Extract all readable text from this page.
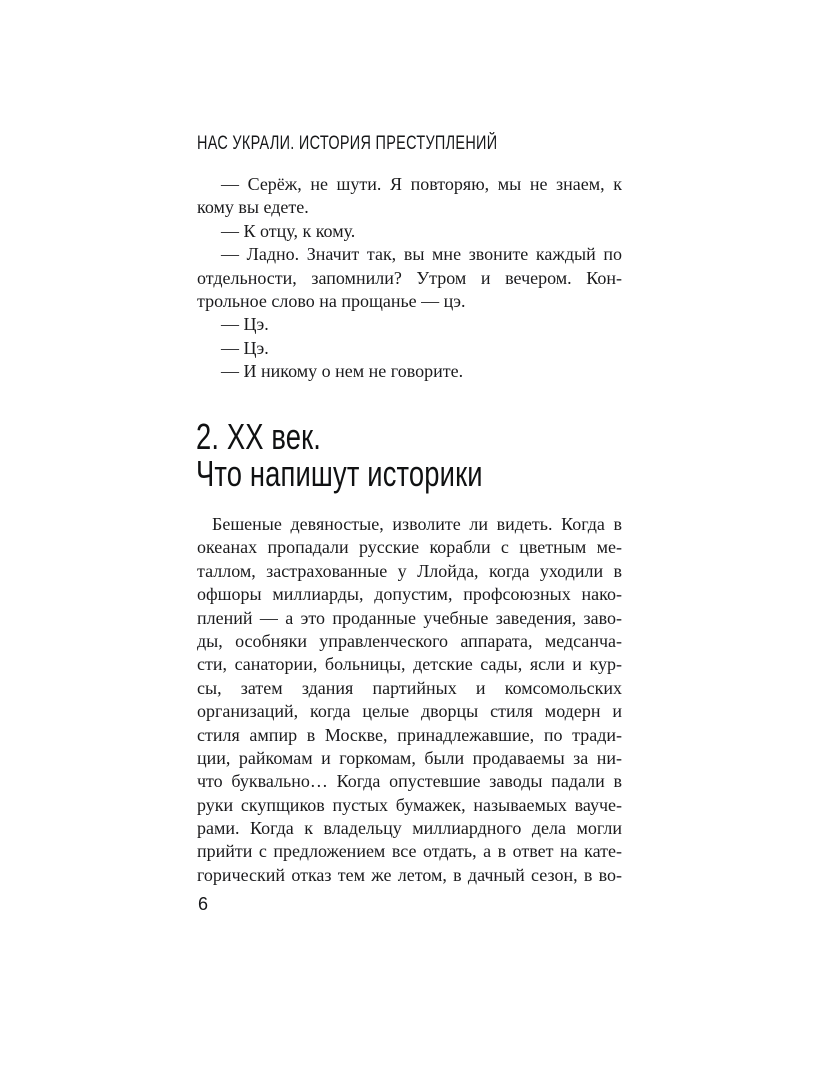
НАС УКРАЛИ. ИСТОРИЯ ПРЕСТУПЛЕНИЙ
— Серёж, не шути. Я повторяю, мы не знаем, к
кому вы едете.
— К отцу, к кому.
— Ладно. Значит так, вы мне звоните каждый по
отдельности, запомнили? Утром и вечером. Кон-
трольное слово на прощанье — цэ.
— Цэ.
— Цэ.
— И никому о нем не говорите.
2. ХХ век.
Что напишут историки
Бешеные девяностые, изволите ли видеть. Когда в
океанах пропадали русские корабли с цветным ме-
таллом, застрахованные у Ллойда, когда уходили в
офшоры миллиарды, допустим, профсоюзных нако-
плений — а это проданные учебные заведения, заво-
ды, особняки управленческого аппарата, медсанча-
сти, санатории, больницы, детские сады, ясли и кур-
сы, затем здания партийных и комсомольских
организаций, когда целые дворцы стиля модерн и
стиля ампир в Москве, принадлежавшие, по тради-
ции, райкомам и горкомам, были продаваемы за ни-
что буквально… Когда опустевшие заводы падали в
руки скупщиков пустых бумажек, называемых вауче-
рами. Когда к владельцу миллиардного дела могли
прийти с предложением все отдать, а в ответ на кате-
горический отказ тем же летом, в дачный сезон, в во-
6
